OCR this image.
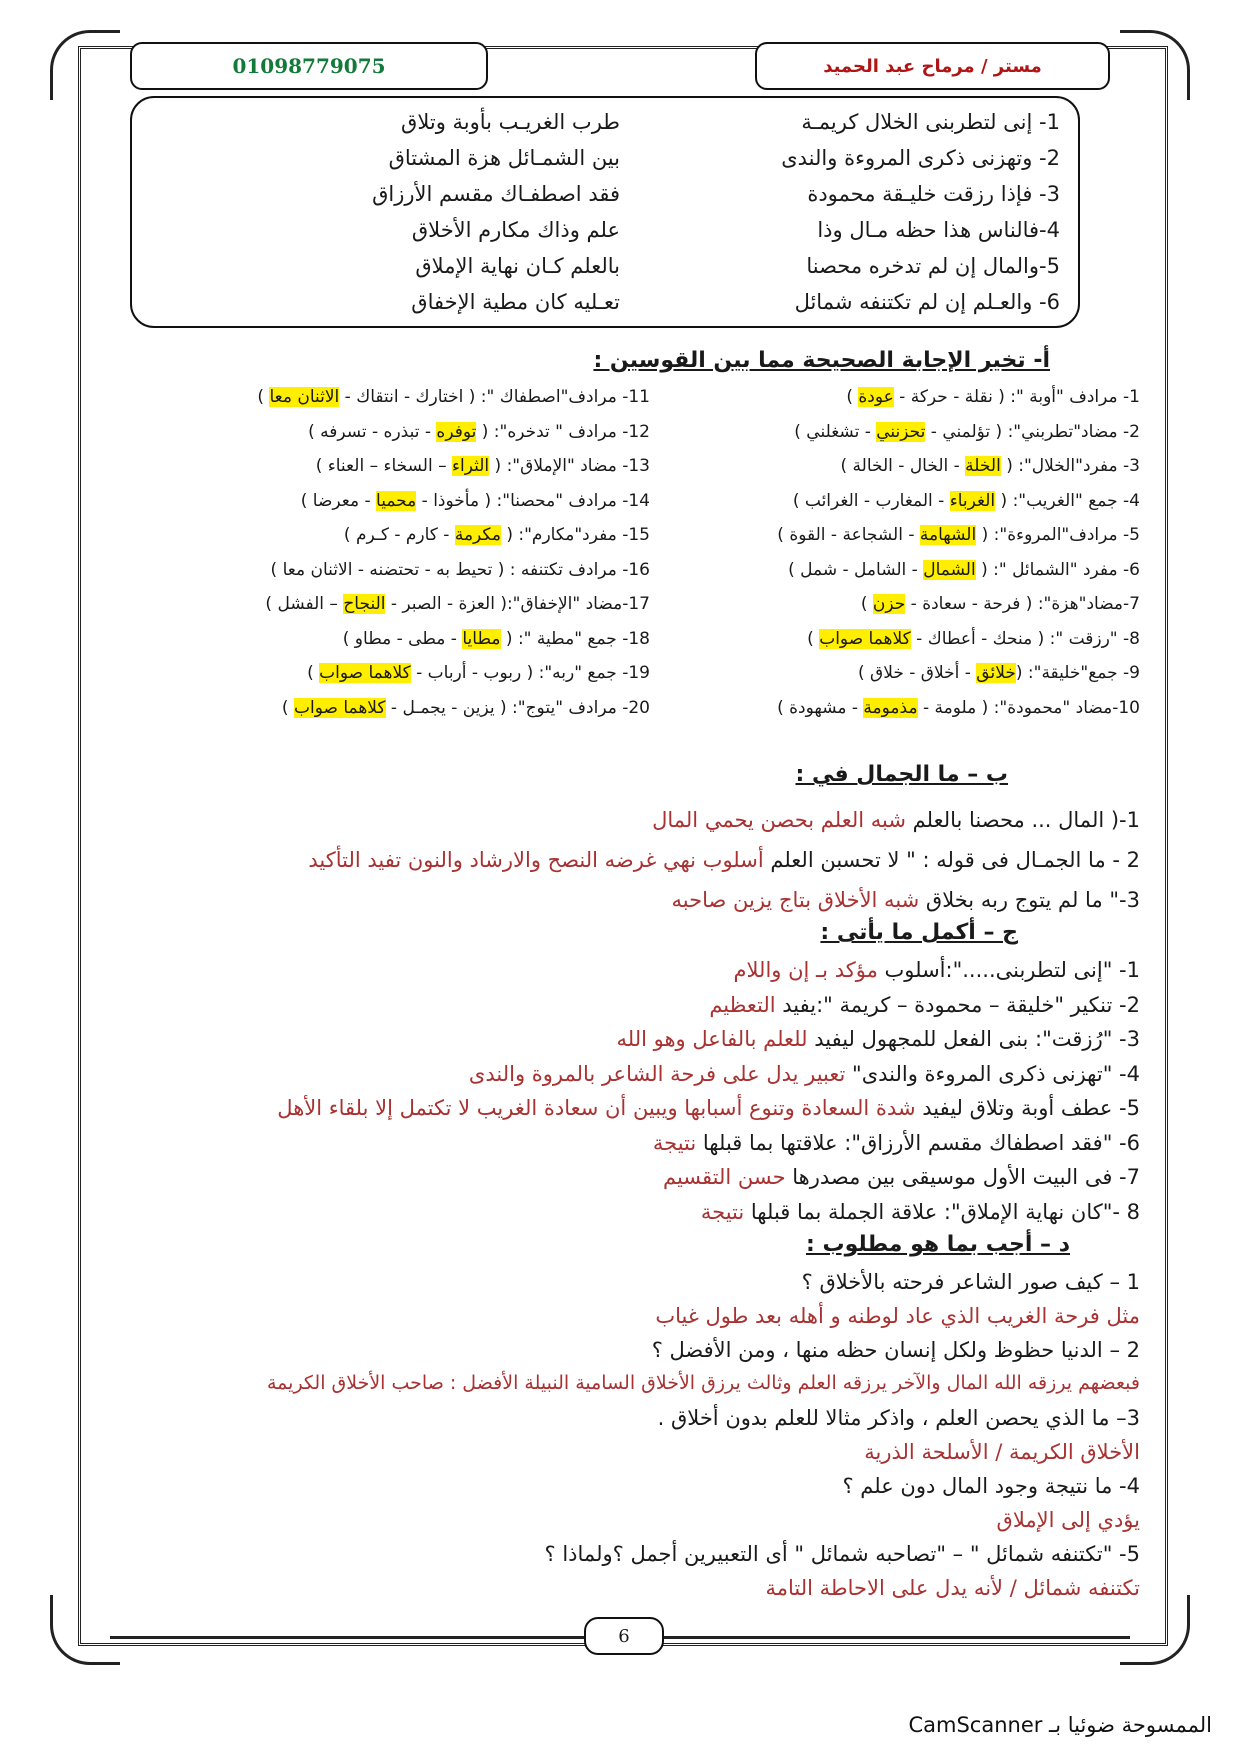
01098779075	مستر / مرماح عبد الحميد
1- إنى لتطربنى الخلال كريمـة
طرب الغريـب بأوبة وتلاق
2- وتهزنى ذكرى المروءة والندى
بين الشمـائل هزة المشتاق
3- فإذا رزقت خليـقة محمودة
فقد اصطفـاك مقسم الأرزاق
4-فالناس هذا حظه مـال وذا
علم وذاك مكارم الأخلاق
5-والمال إن لم تدخره محصنا
بالعلم كـان نهاية الإملاق
6- والعـلم إن لم تكتنفه شمائل
تعـليه كان مطية الإخفاق
أ- تخير الإجابة الصحيحة مما بين القوسين :
1- مرادف "أوبة ": ( نقلة - حركة - عودة )
2- مضاد"تطربني": ( تؤلمني - تحزنني - تشغلني )
3- مفرد"الخلال": ( الخلة - الخال - الخالة )
4- جمع "الغريب": ( الغرباء - المغارب - الغرائب )
5- مرادف"المروءة": ( الشهامة - الشجاعة - القوة )
6- مفرد "الشمائل ": ( الشمال - الشامل - شمل )
7-مضاد"هزة": ( فرحة - سعادة - حزن )
8- "رزقت ": ( منحك - أعطاك - كلاهما صواب )
9- جمع"خليقة": (خلائق - أخلاق - خلاق )
10-مضاد "محمودة": ( ملومة - مذمومة - مشهودة )
11- مرادف"اصطفاك ": ( اختارك - انتقاك - الاثنان معا )
12- مرادف " تدخره": ( توفره - تبذره - تسرفه )
13- مضاد "الإملاق": ( الثراء – السخاء – العناء )
14- مرادف "محصنا": ( مأخوذا - محميا - معرضا )
15- مفرد"مكارم": ( مكرمة - كارم - كـرم )
16- مرادف تكتنفه : ( تحيط به - تحتضنه - الاثنان معا )
17-مضاد "الإخفاق":( العزة - الصبر - النجاح – الفشل )
18- جمع "مطية ": ( مطايا - مطى - مطاو )
19- جمع "ربه": ( ربوب - أرباب - كلاهما صواب )
20- مرادف "يتوج": ( يزين - يجمـل - كلاهما صواب )
ب – ما الجمال في :
1-( المال ... محصنا بالعلم شبه العلم بحصن يحمي المال
2 - ما الجمـال فى قوله : " لا تحسبن العلم أسلوب نهي غرضه النصح والارشاد والنون تفيد التأكيد
3-" ما لم يتوج ربه بخلاق شبه الأخلاق بتاج يزين صاحبه
ج – أكمل ما يأتى :
1- "إنى لتطربنى.....":أسلوب مؤكد بـ إن واللام
2- تنكير "خليقة – محمودة – كريمة ":يفيد التعظيم
3- "رُزقت": بنى الفعل للمجهول ليفيد للعلم بالفاعل وهو الله
4- "تهزنى ذكرى المروءة والندى" تعبير يدل على فرحة الشاعر بالمروة والندى
5- عطف أوبة وتلاق ليفيد شدة السعادة وتنوع أسبابها ويبين أن سعادة الغريب لا تكتمل إلا بلقاء الأهل
6- "فقد اصطفاك مقسم الأرزاق": علاقتها بما قبلها نتيجة
7- فى البيت الأول موسيقى بين مصدرها حسن التقسيم
8 -"كان نهاية الإملاق": علاقة الجملة بما قبلها نتيجة
د – أجب بما هو مطلوب :
1 – كيف صور الشاعر فرحته بالأخلاق ؟
مثل فرحة الغريب الذي عاد لوطنه و أهله بعد طول غياب
2 – الدنيا حظوظ ولكل إنسان حظه منها ، ومن الأفضل ؟
فبعضهم يرزقه الله المال والآخر يرزقه العلم وثالث يرزق الأخلاق السامية النبيلة الأفضل : صاحب الأخلاق الكريمة
3– ما الذي يحصن العلم ، واذكر مثالا للعلم بدون أخلاق .
الأخلاق الكريمة / الأسلحة الذرية
4- ما نتيجة وجود المال دون علم ؟
يؤدي إلى الإملاق
5- "تكتنفه شمائل " – "تصاحبه شمائل " أى التعبيرين أجمل ؟ولماذا ؟
تكتنفه شمائل / لأنه يدل على الاحاطة التامة
6
الممسوحة ضوئيا بـ CamScanner
